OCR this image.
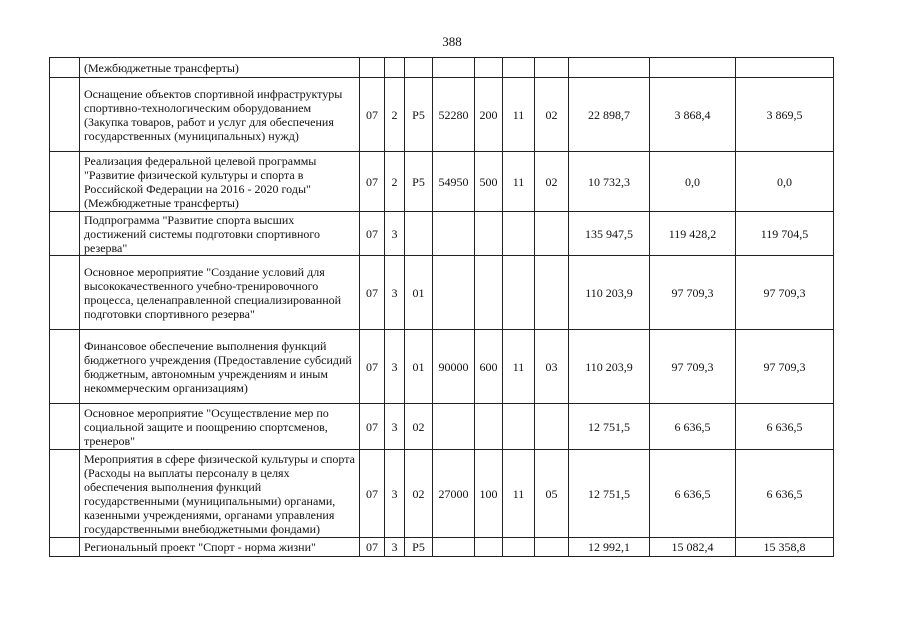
388
	(Межбюджетные трансферты)										
	Оснащение объектов спортивной инфраструктуры спортивно-технологическим оборудованием (Закупка товаров, работ и услуг для обеспечения государственных (муниципальных) нужд)	07	2	Р5	52280	200	11	02	22 898,7	3 868,4	3 869,5
	Реализация федеральной целевой программы "Развитие физической культуры и спорта в Российской Федерации на 2016 - 2020 годы" (Межбюджетные трансферты)	07	2	Р5	54950	500	11	02	10 732,3	0,0	0,0
	Подпрограмма "Развитие спорта высших достижений системы подготовки спортивного резерва"	07	3						135 947,5	119 428,2	119 704,5
	Основное мероприятие "Создание условий для высококачественного учебно-тренировочного процесса, целенаправленной специализированной подготовки спортивного резерва"	07	3	01					110 203,9	97 709,3	97 709,3
	Финансовое обеспечение выполнения функций бюджетного учреждения (Предоставление субсидий бюджетным, автономным учреждениям и иным некоммерческим организациям)	07	3	01	90000	600	11	03	110 203,9	97 709,3	97 709,3
	Основное мероприятие "Осуществление мер по социальной защите и поощрению спортсменов, тренеров"	07	3	02					12 751,5	6 636,5	6 636,5
	Мероприятия в сфере физической культуры и спорта (Расходы на выплаты персоналу в целях обеспечения выполнения функций государственными (муниципальными) органами, казенными учреждениями, органами управления государственными внебюджетными фондами)	07	3	02	27000	100	11	05	12 751,5	6 636,5	6 636,5
	Региональный проект "Спорт - норма жизни"	07	3	Р5					12 992,1	15 082,4	15 358,8
